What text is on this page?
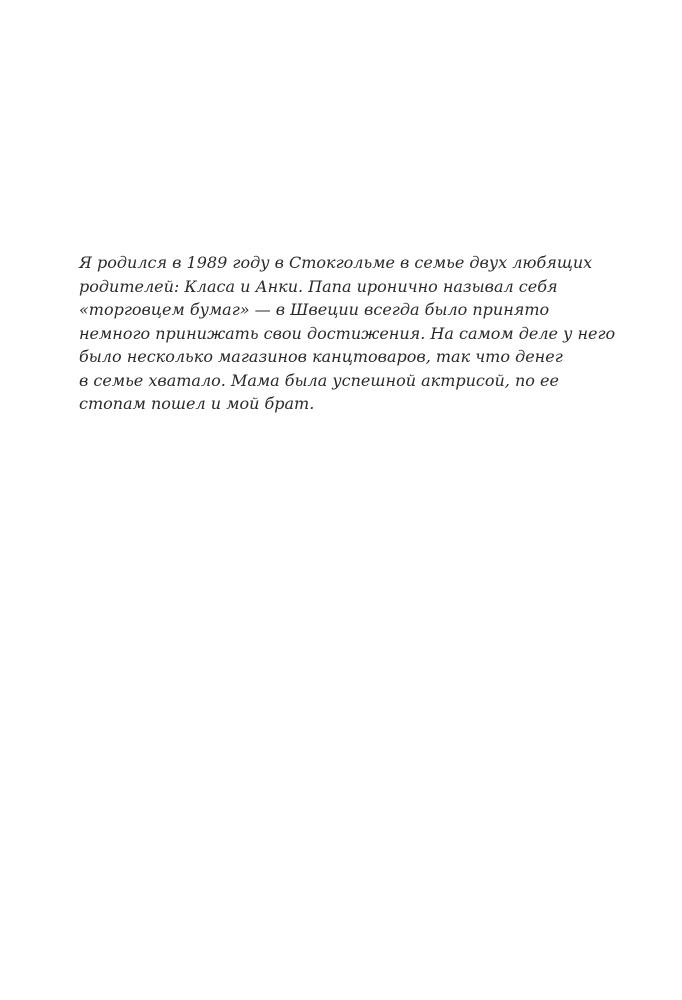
Я родился в 1989 году в Стокгольме в семье двух любящих
родителей: Класа и Анки. Папа иронично называл себя
«торговцем бумаг» — в Швеции всегда было принято
немного принижать свои достижения. На самом деле у него
было несколько магазинов канцтоваров, так что денег
в семье хватало. Мама была успешной актрисой, по ее
стопам пошел и мой брат.
